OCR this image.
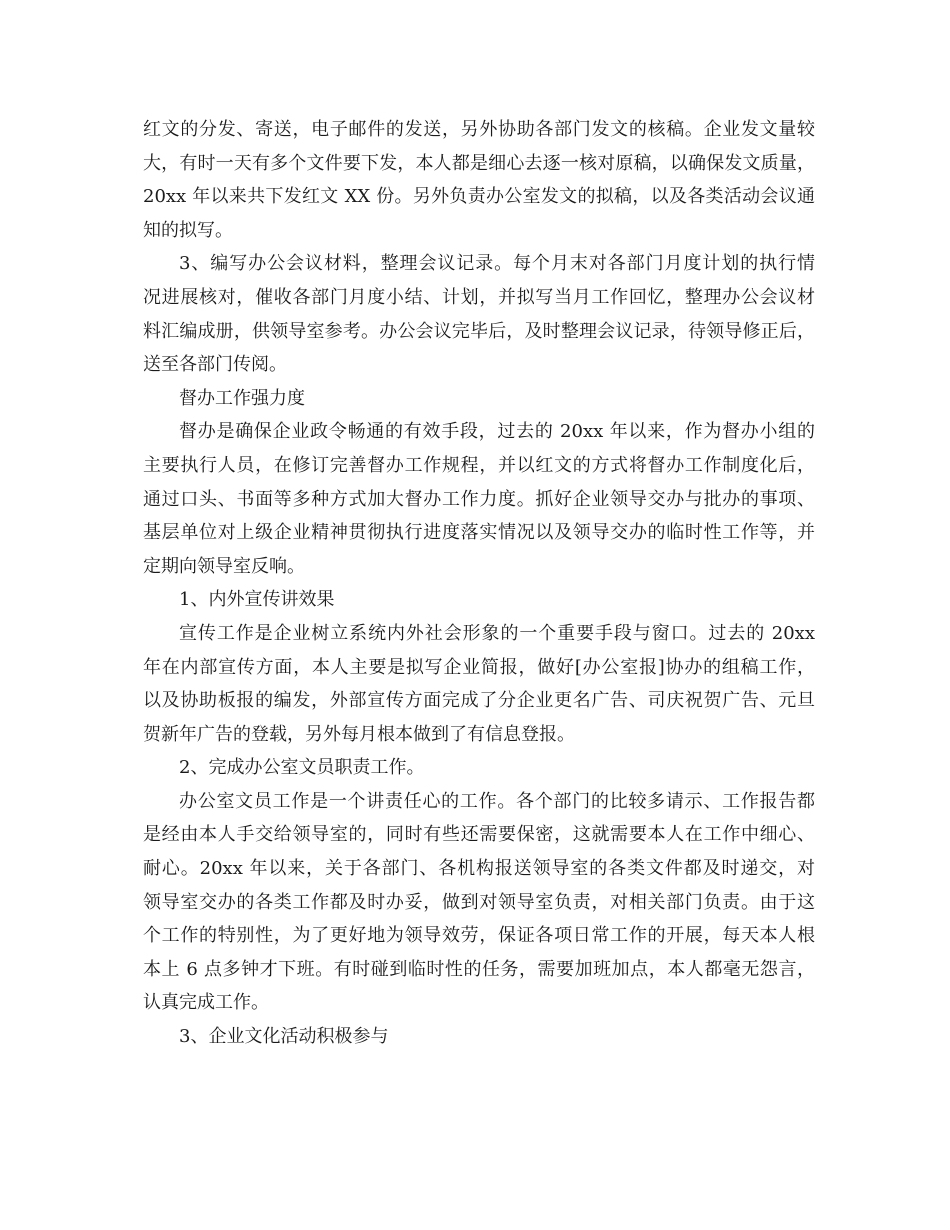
红文的分发、寄送，电子邮件的发送，另外协助各部门发文的核稿。企业发文量较
大，有时一天有多个文件要下发，本人都是细心去逐一核对原稿，以确保发文质量，
20xx 年以来共下发红文 XX 份。另外负责办公室发文的拟稿，以及各类活动会议通
知的拟写。
3、编写办公会议材料，整理会议记录。每个月末对各部门月度计划的执行情
况进展核对，催收各部门月度小结、计划，并拟写当月工作回忆，整理办公会议材
料汇编成册，供领导室参考。办公会议完毕后，及时整理会议记录，待领导修正后，
送至各部门传阅。
督办工作强力度
督办是确保企业政令畅通的有效手段，过去的 20xx 年以来，作为督办小组的
主要执行人员，在修订完善督办工作规程，并以红文的方式将督办工作制度化后，
通过口头、书面等多种方式加大督办工作力度。抓好企业领导交办与批办的事项、
基层单位对上级企业精神贯彻执行进度落实情况以及领导交办的临时性工作等，并
定期向领导室反响。
1、内外宣传讲效果
宣传工作是企业树立系统内外社会形象的一个重要手段与窗口。过去的 20xx
年在内部宣传方面，本人主要是拟写企业简报，做好[办公室报]协办的组稿工作，
以及协助板报的编发，外部宣传方面完成了分企业更名广告、司庆祝贺广告、元旦
贺新年广告的登载，另外每月根本做到了有信息登报。
2、完成办公室文员职责工作。
办公室文员工作是一个讲责任心的工作。各个部门的比较多请示、工作报告都
是经由本人手交给领导室的，同时有些还需要保密，这就需要本人在工作中细心、
耐心。20xx 年以来，关于各部门、各机构报送领导室的各类文件都及时递交，对
领导室交办的各类工作都及时办妥，做到对领导室负责，对相关部门负责。由于这
个工作的特别性，为了更好地为领导效劳，保证各项日常工作的开展，每天本人根
本上 6 点多钟才下班。有时碰到临时性的任务，需要加班加点，本人都毫无怨言，
认真完成工作。
3、企业文化活动积极参与
